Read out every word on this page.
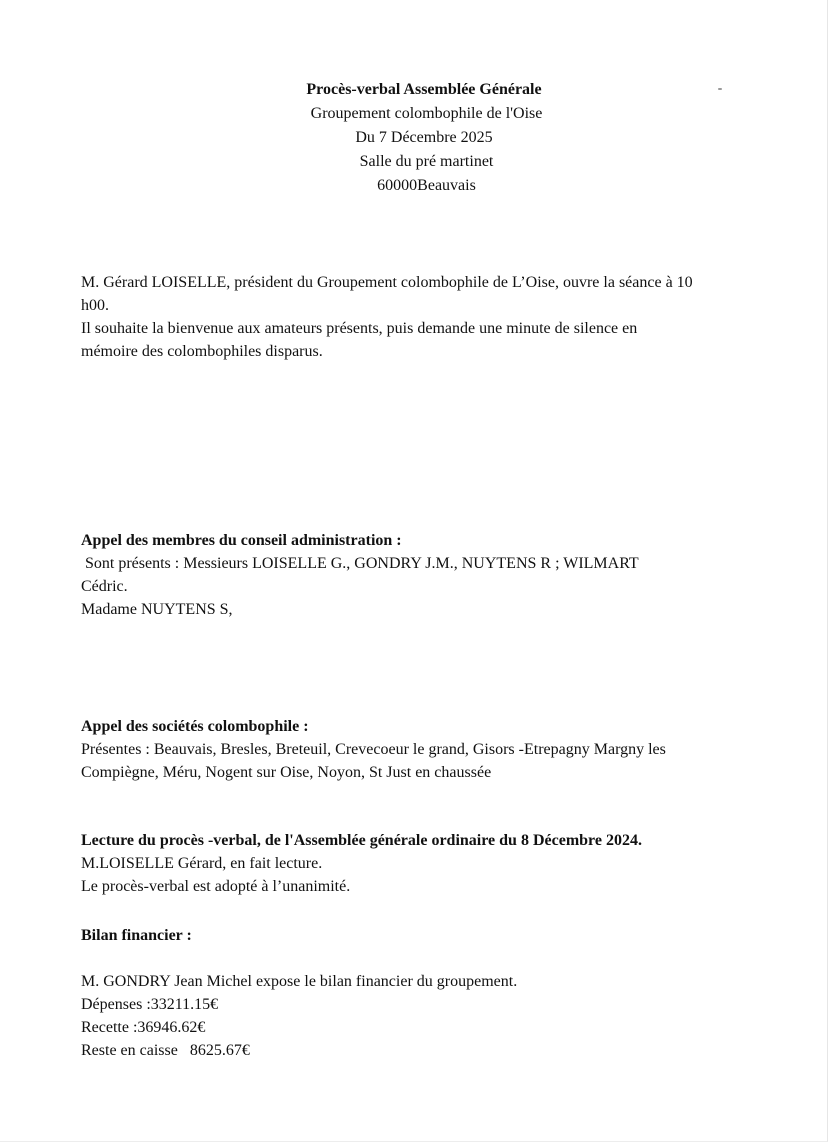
Procès-verbal Assemblée Générale
Groupement colombophile de l'Oise
Du 7 Décembre 2025
Salle du pré martinet
60000Beauvais
M. Gérard LOISELLE, président du Groupement colombophile de L’Oise, ouvre la séance à 10
h00.
Il souhaite la bienvenue aux amateurs présents, puis demande une minute de silence en
mémoire des colombophiles disparus.
Appel des membres du conseil administration :
Sont présents : Messieurs LOISELLE G., GONDRY J.M., NUYTENS R ; WILMART
Cédric.
Madame NUYTENS S,
Appel des sociétés colombophile :
Présentes : Beauvais, Bresles, Breteuil, Crevecoeur le grand, Gisors -Etrepagny Margny les
Compiègne, Méru, Nogent sur Oise, Noyon, St Just en chaussée
Lecture du procès -verbal, de l'Assemblée générale ordinaire du 8 Décembre 2024.
M.LOISELLE Gérard, en fait lecture.
Le procès-verbal est adopté à l’unanimité.
Bilan financier :
M. GONDRY Jean Michel expose le bilan financier du groupement.
Dépenses :33211.15€
Recette :36946.62€
Reste en caisse   8625.67€
